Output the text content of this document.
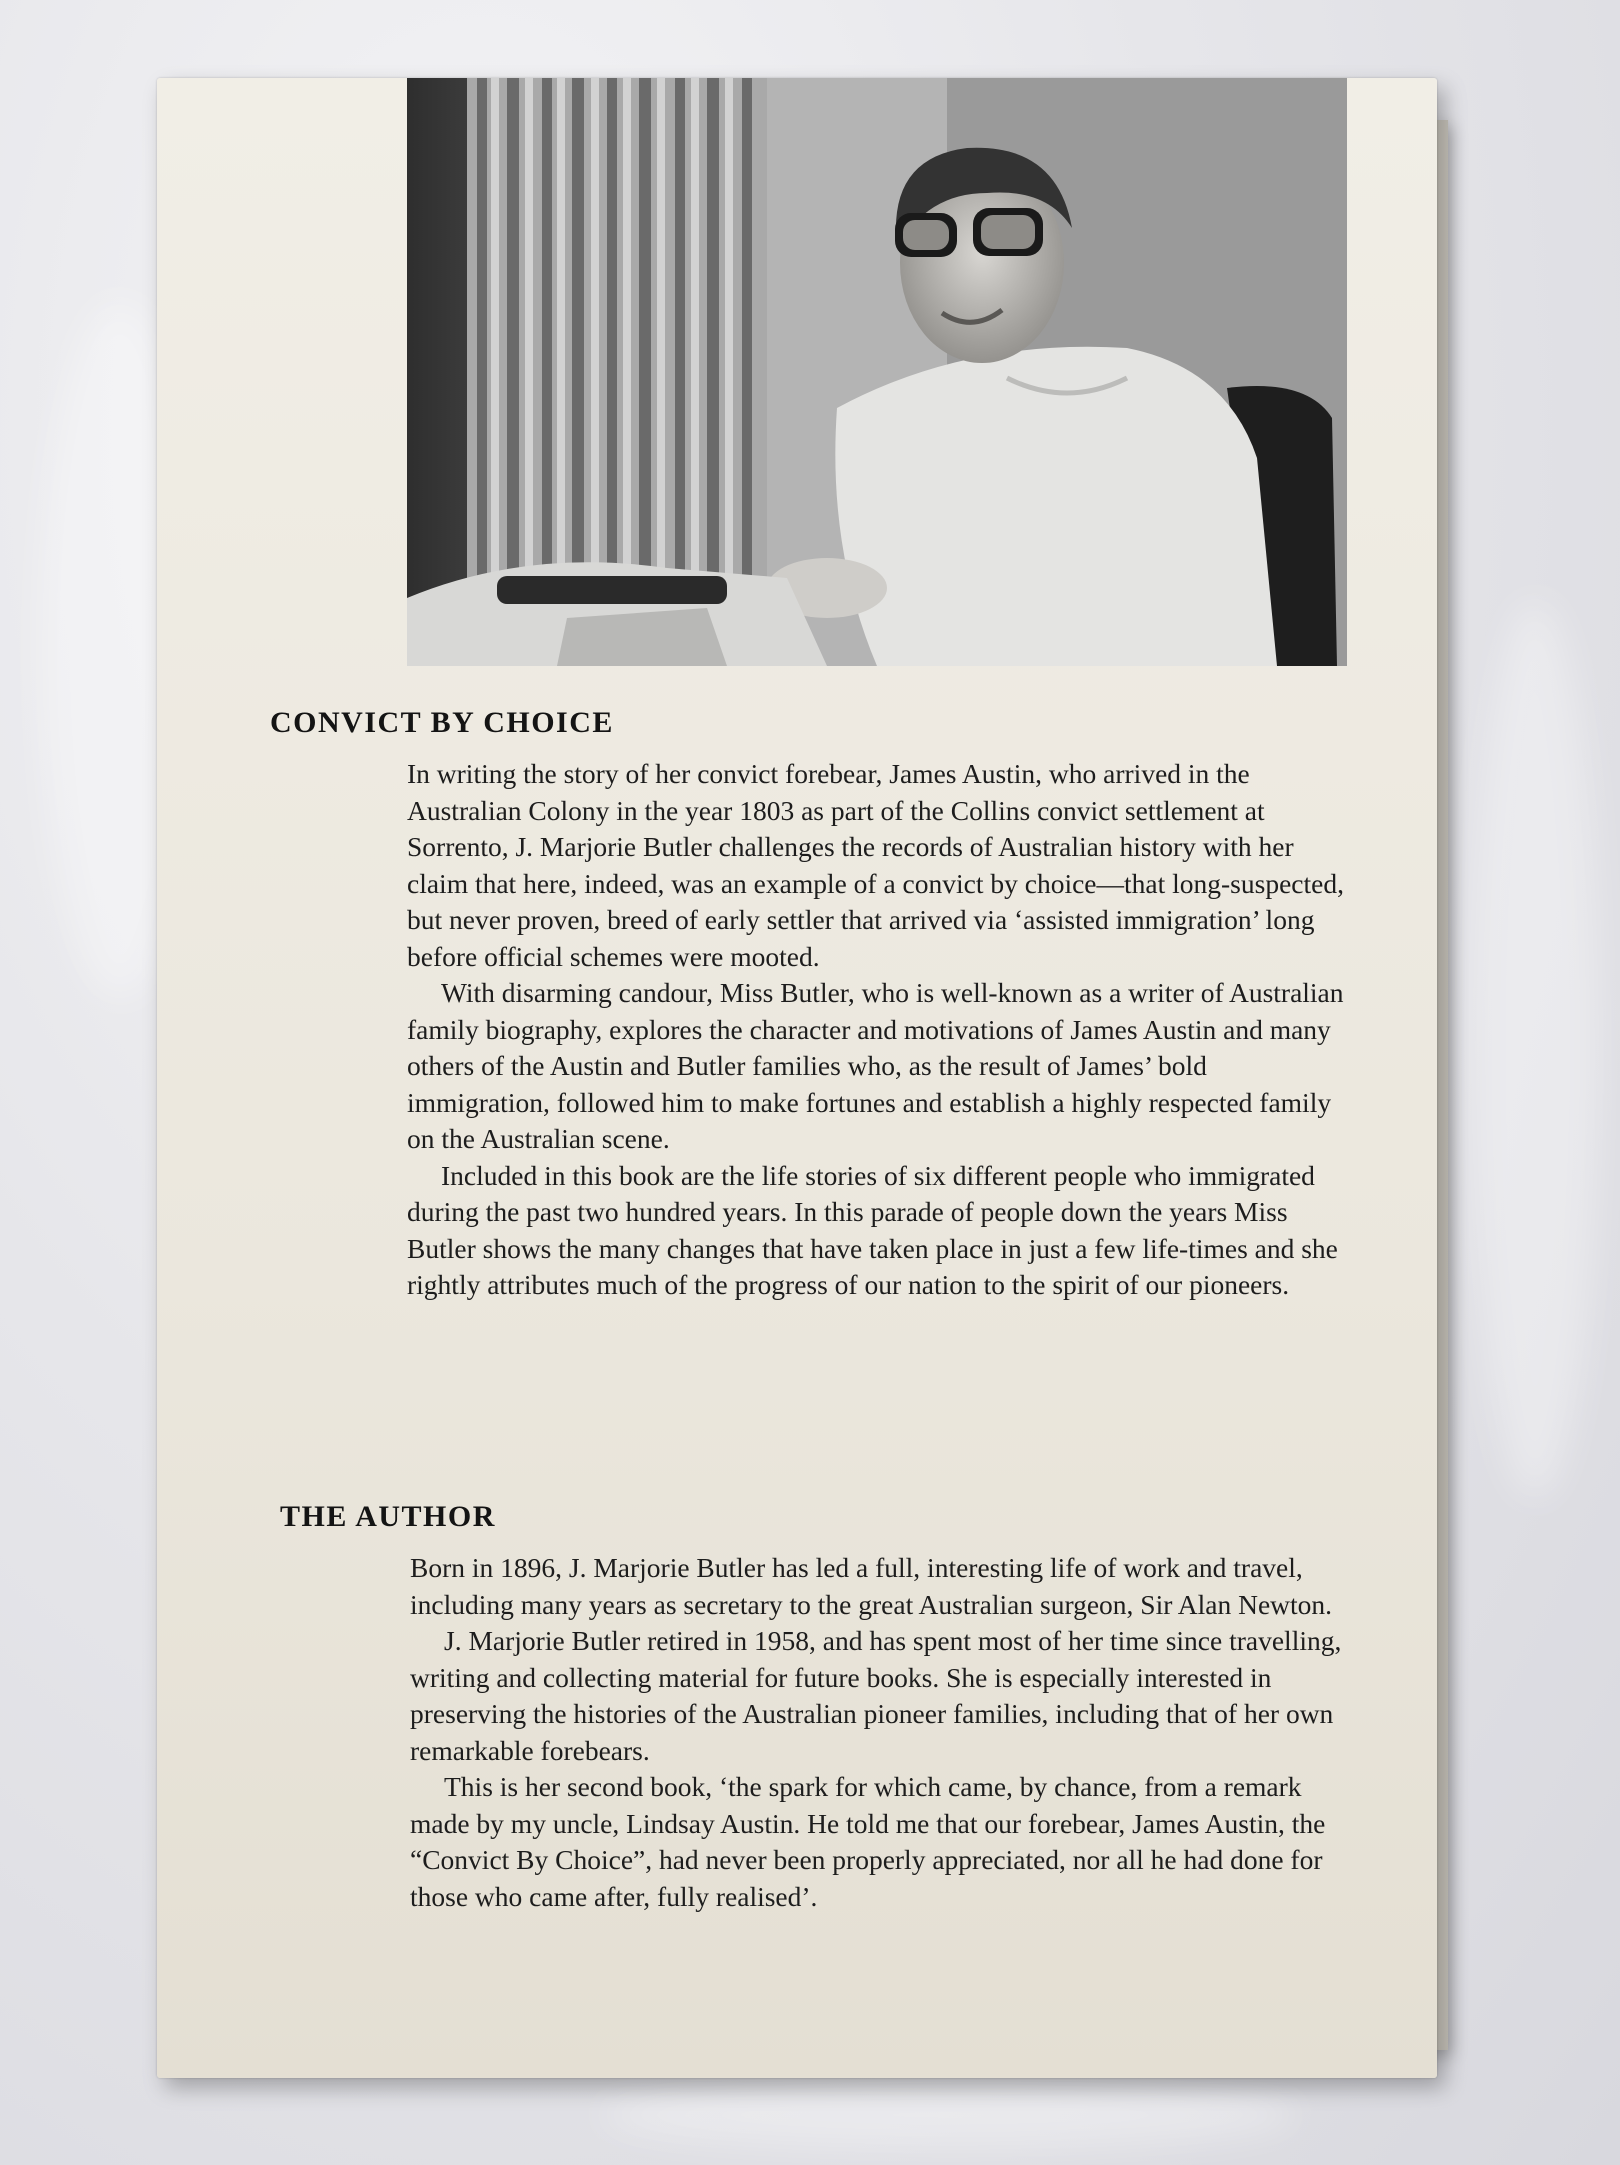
CONVICT BY CHOICE

In writing the story of her convict forebear, James Austin, who arrived in the Australian Colony in the year 1803 as part of the Collins convict settlement at Sorrento, J. Marjorie Butler challenges the records of Australian history with her claim that here, indeed, was an example of a convict by choice—that long-suspected, but never proven, breed of early settler that arrived via ‘assisted immigration’ long before official schemes were mooted.

With disarming candour, Miss Butler, who is well-known as a writer of Australian family biography, explores the character and motivations of James Austin and many others of the Austin and Butler families who, as the result of James’ bold immigration, followed him to make fortunes and establish a highly respected family on the Australian scene.

Included in this book are the life stories of six different people who immigrated during the past two hundred years. In this parade of people down the years Miss Butler shows the many changes that have taken place in just a few life-times and she rightly attributes much of the progress of our nation to the spirit of our pioneers.

THE AUTHOR

Born in 1896, J. Marjorie Butler has led a full, interesting life of work and travel, including many years as secretary to the great Australian surgeon, Sir Alan Newton.

J. Marjorie Butler retired in 1958, and has spent most of her time since travelling, writing and collecting material for future books. She is especially interested in preserving the histories of the Australian pioneer families, including that of her own remarkable forebears.

This is her second book, ‘the spark for which came, by chance, from a remark made by my uncle, Lindsay Austin. He told me that our forebear, James Austin, the “Convict By Choice”, had never been properly appreciated, nor all he had done for those who came after, fully realised’.
